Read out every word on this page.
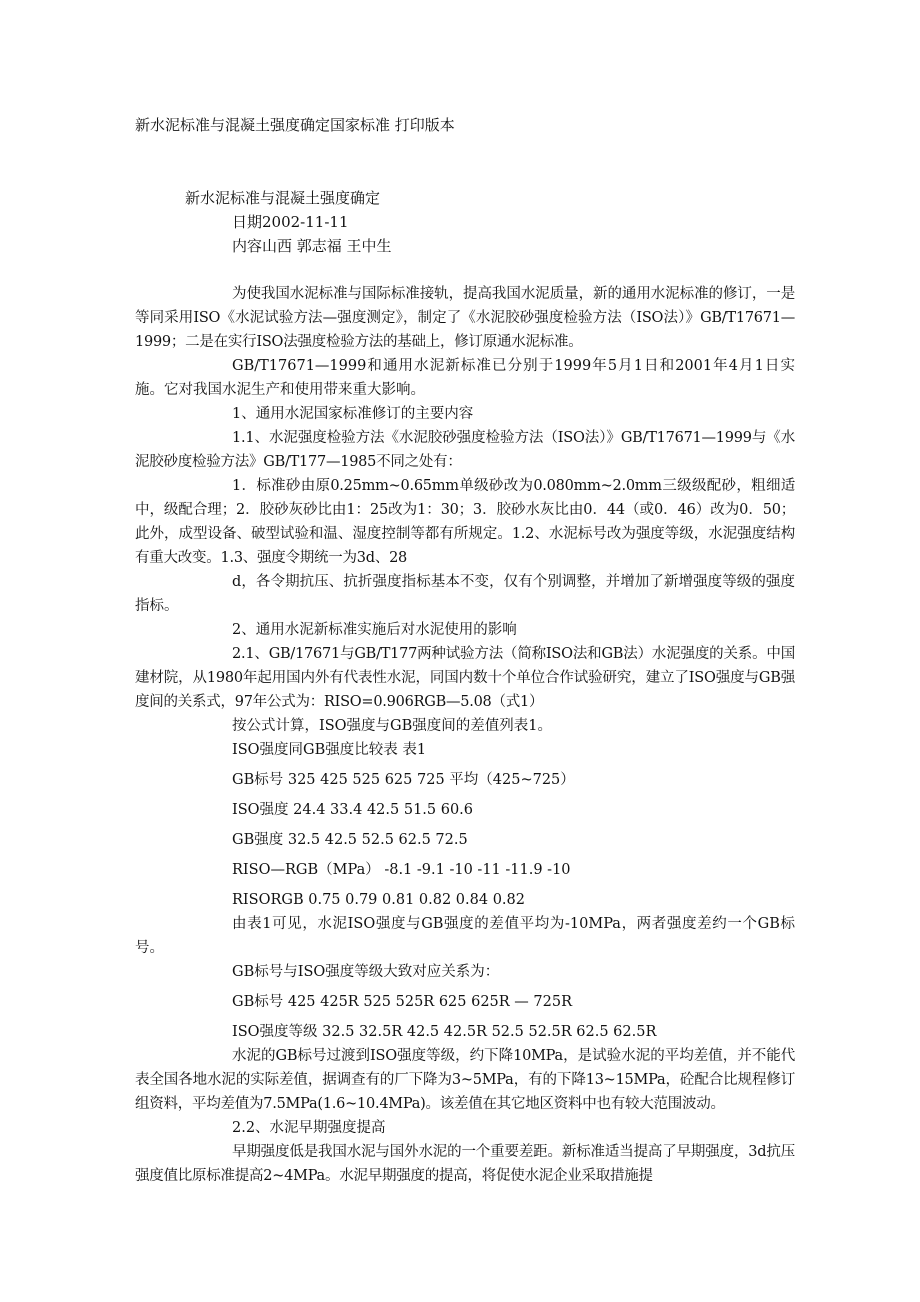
新水泥标准与混凝土强度确定国家标准 打印版本
新水泥标准与混凝土强度确定
日期2002-11-11
内容山西 郭志福 王中生

为使我国水泥标准与国际标准接轨，提高我国水泥质量，新的通用水泥标准的修订，一是等同采用ISO《水泥试验方法—强度测定》，制定了《水泥胶砂强度检验方法（ISO法）》GB/T17671—1999；二是在实行ISO法强度检验方法的基础上，修订原通水泥标准。

GB/T17671—1999和通用水泥新标准已分别于1999年5月1日和2001年4月1日实施。它对我国水泥生产和使用带来重大影响。

1、通用水泥国家标准修订的主要内容

1.1、水泥强度检验方法《水泥胶砂强度检验方法（ISO法）》GB/T17671—1999与《水泥胶砂度检验方法》GB/T177—1985不同之处有：

1．标准砂由原0.25mm~0.65mm单级砂改为0.080mm~2.0mm三级级配砂，粗细适中，级配合理；2．胶砂灰砂比由1：25改为1：30；3．胶砂水灰比由0．44（或0．46）改为0．50；此外，成型设备、破型试验和温、湿度控制等都有所规定。1.2、水泥标号改为强度等级，水泥强度结构有重大改变。1.3、强度令期统一为3d、28

d，各令期抗压、抗折强度指标基本不变，仅有个别调整，并增加了新增强度等级的强度指标。

2、通用水泥新标准实施后对水泥使用的影响

2.1、GB/17671与GB/T177两种试验方法（简称ISO法和GB法）水泥强度的关系。中国建材院，从1980年起用国内外有代表性水泥，同国内数十个单位合作试验研究，建立了ISO强度与GB强度间的关系式，97年公式为：RISO=0.906RGB—5.08（式1）

按公式计算，ISO强度与GB强度间的差值列表1。

ISO强度同GB强度比较表 表1

GB标号 325 425 525 625 725 平均（425~725）

ISO强度 24.4 33.4 42.5 51.5 60.6

GB强度 32.5 42.5 52.5 62.5 72.5

RISO—RGB（MPa） -8.1 -9.1 -10 -11 -11.9 -10

RISORGB 0.75 0.79 0.81 0.82 0.84 0.82

由表1可见，水泥ISO强度与GB强度的差值平均为-10MPa，两者强度差约一个GB标号。

GB标号与ISO强度等级大致对应关系为：

GB标号 425 425R 525 525R 625 625R — 725R

ISO强度等级 32.5 32.5R 42.5 42.5R 52.5 52.5R 62.5 62.5R

水泥的GB标号过渡到ISO强度等级，约下降10MPa，是试验水泥的平均差值，并不能代表全国各地水泥的实际差值，据调查有的厂下降为3~5MPa，有的下降13~15MPa，砼配合比规程修订组资料，平均差值为7.5MPa(1.6~10.4MPa)。该差值在其它地区资料中也有较大范围波动。

2.2、水泥早期强度提高

早期强度低是我国水泥与国外水泥的一个重要差距。新标准适当提高了早期强度，3d抗压强度值比原标准提高2~4MPa。水泥早期强度的提高，将促使水泥企业采取措施提
